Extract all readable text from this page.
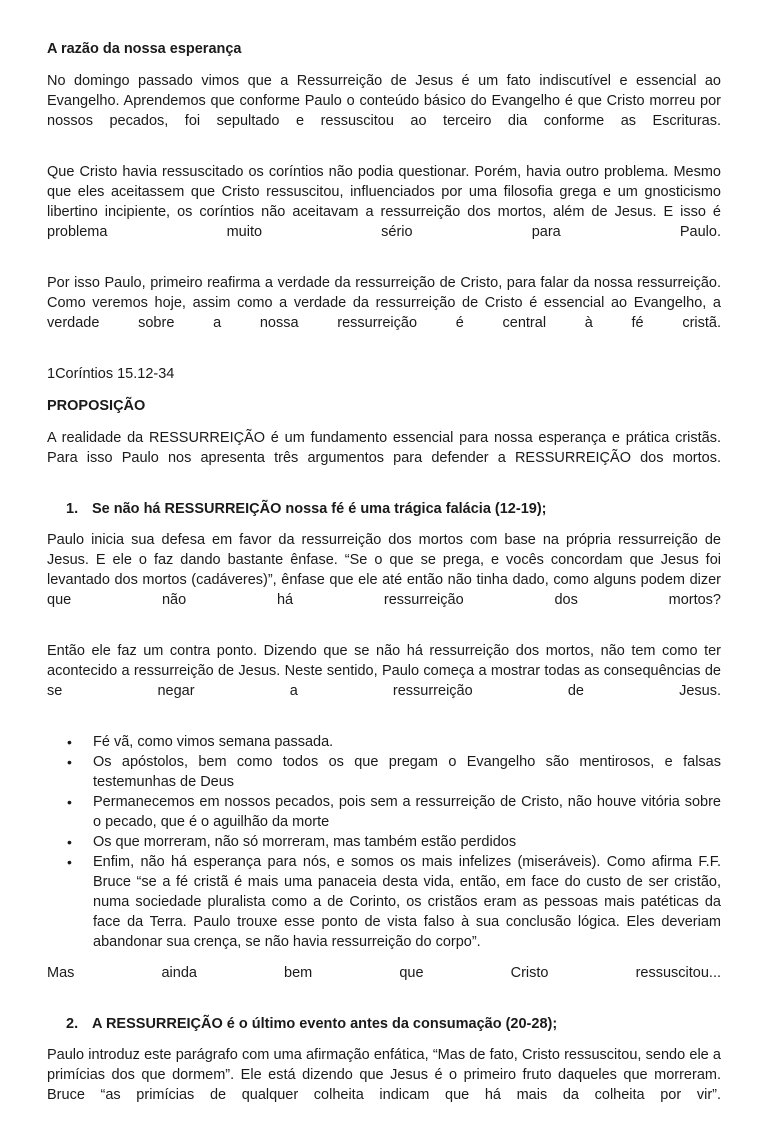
A razão da nossa esperança

No domingo passado vimos que a Ressurreição de Jesus é um fato indiscutível e essencial ao Evangelho. Aprendemos que conforme Paulo o conteúdo básico do Evangelho é que Cristo morreu por nossos pecados, foi sepultado e ressuscitou ao terceiro dia conforme as Escrituras.

Que Cristo havia ressuscitado os coríntios não podia questionar. Porém, havia outro problema. Mesmo que eles aceitassem que Cristo ressuscitou, influenciados por uma filosofia grega e um gnosticismo libertino incipiente, os coríntios não aceitavam a ressurreição dos mortos, além de Jesus. E isso é problema muito sério para Paulo.

Por isso Paulo, primeiro reafirma a verdade da ressurreição de Cristo, para falar da nossa ressurreição. Como veremos hoje, assim como a verdade da ressurreição de Cristo é essencial ao Evangelho, a verdade sobre a nossa ressurreição é central à fé cristã.

1Coríntios 15.12-34
PROPOSIÇÃO

A realidade da RESSURREIÇÃO é um fundamento essencial para nossa esperança e prática cristãs. Para isso Paulo nos apresenta três argumentos para defender a RESSURREIÇÃO dos mortos.

1. Se não há RESSURREIÇÃO nossa fé é uma trágica falácia (12-19);

Paulo inicia sua defesa em favor da ressurreição dos mortos com base na própria ressurreição de Jesus. E ele o faz dando bastante ênfase. “Se o que se prega, e vocês concordam que Jesus foi levantado dos mortos (cadáveres)”, ênfase que ele até então não tinha dado, como alguns podem dizer que não há ressurreição dos mortos?

Então ele faz um contra ponto. Dizendo que se não há ressurreição dos mortos, não tem como ter acontecido a ressurreição de Jesus. Neste sentido, Paulo começa a mostrar todas as consequências de se negar a ressurreição de Jesus.

•	Fé vã, como vimos semana passada.
•	Os apóstolos, bem como todos os que pregam o Evangelho são mentirosos, e falsas testemunhas de Deus
•	Permanecemos em nossos pecados, pois sem a ressurreição de Cristo, não houve vitória sobre o pecado, que é o aguilhão da morte
•	Os que morreram, não só morreram, mas também estão perdidos
•	Enfim, não há esperança para nós, e somos os mais infelizes (miseráveis). Como afirma F.F. Bruce “se a fé cristã é mais uma panaceia desta vida, então, em face do custo de ser cristão, numa sociedade pluralista como a de Corinto, os cristãos eram as pessoas mais patéticas da face da Terra. Paulo trouxe esse ponto de vista falso à sua conclusão lógica. Eles deveriam abandonar sua crença, se não havia ressurreição do corpo”.

Mas ainda bem que Cristo ressuscitou...

2. A RESSURREIÇÃO é o último evento antes da consumação (20-28);

Paulo introduz este parágrafo com uma afirmação enfática, “Mas de fato, Cristo ressuscitou, sendo ele a primícias dos que dormem”. Ele está dizendo que Jesus é o primeiro fruto daqueles que morreram. Bruce “as primícias de qualquer colheita indicam que há mais da colheita por vir”.
